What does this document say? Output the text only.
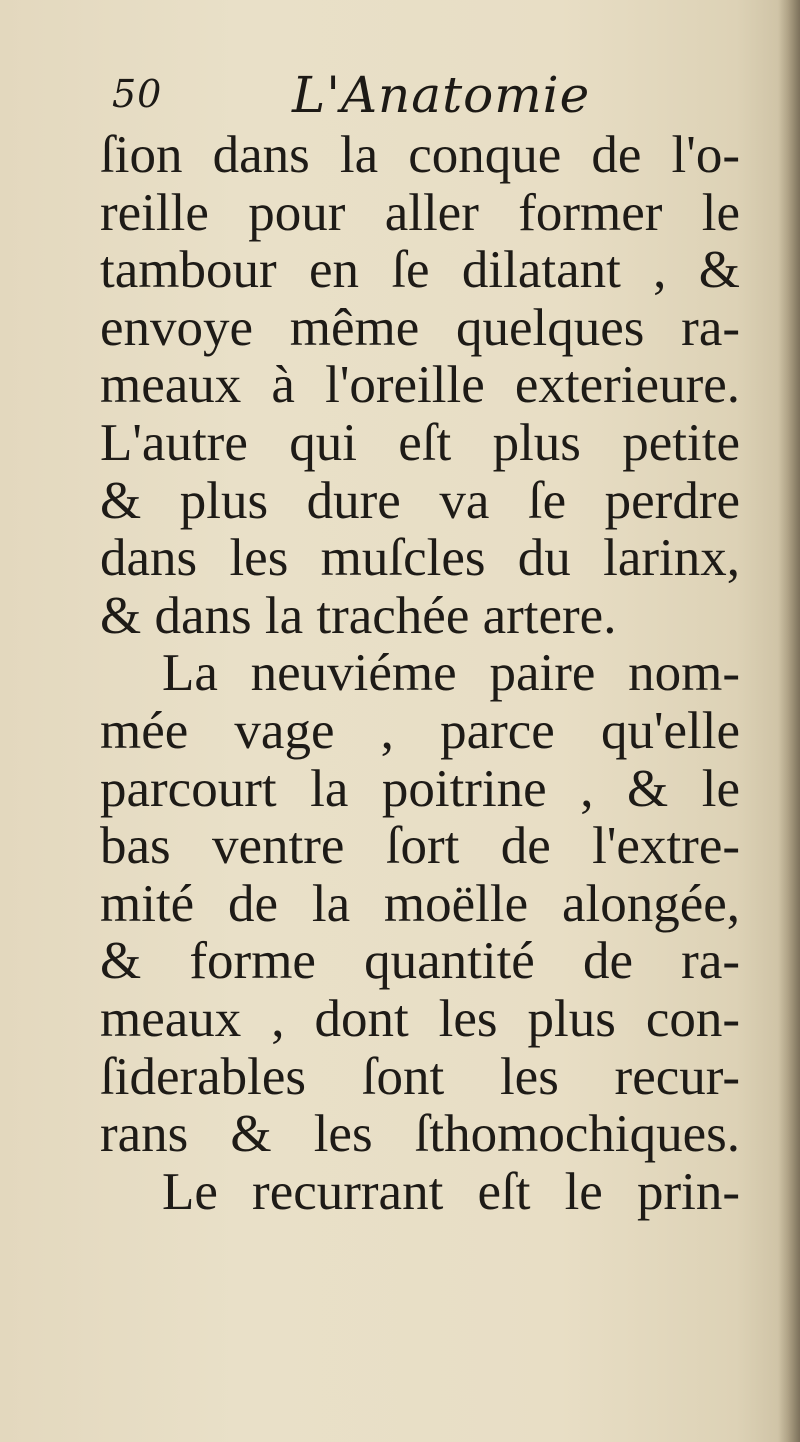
50	L'Anatomie
ſion dans la conque de l'o-
reille pour aller former le
tambour en ſe dilatant , &
envoye même quelques ra-
meaux à l'oreille exterieure.
L'autre qui eſt plus petite
& plus dure va ſe perdre
dans les muſcles du larinx,
& dans la trachée artere.
La neuviéme paire nom-
mée vage , parce qu'elle
parcourt la poitrine , & le
bas ventre ſort de l'extre-
mité de la moëlle alongée,
& forme quantité de ra-
meaux , dont les plus con-
ſiderables ſont les recur-
rans & les ſthomochiques.
Le recurrant eſt le prin-
